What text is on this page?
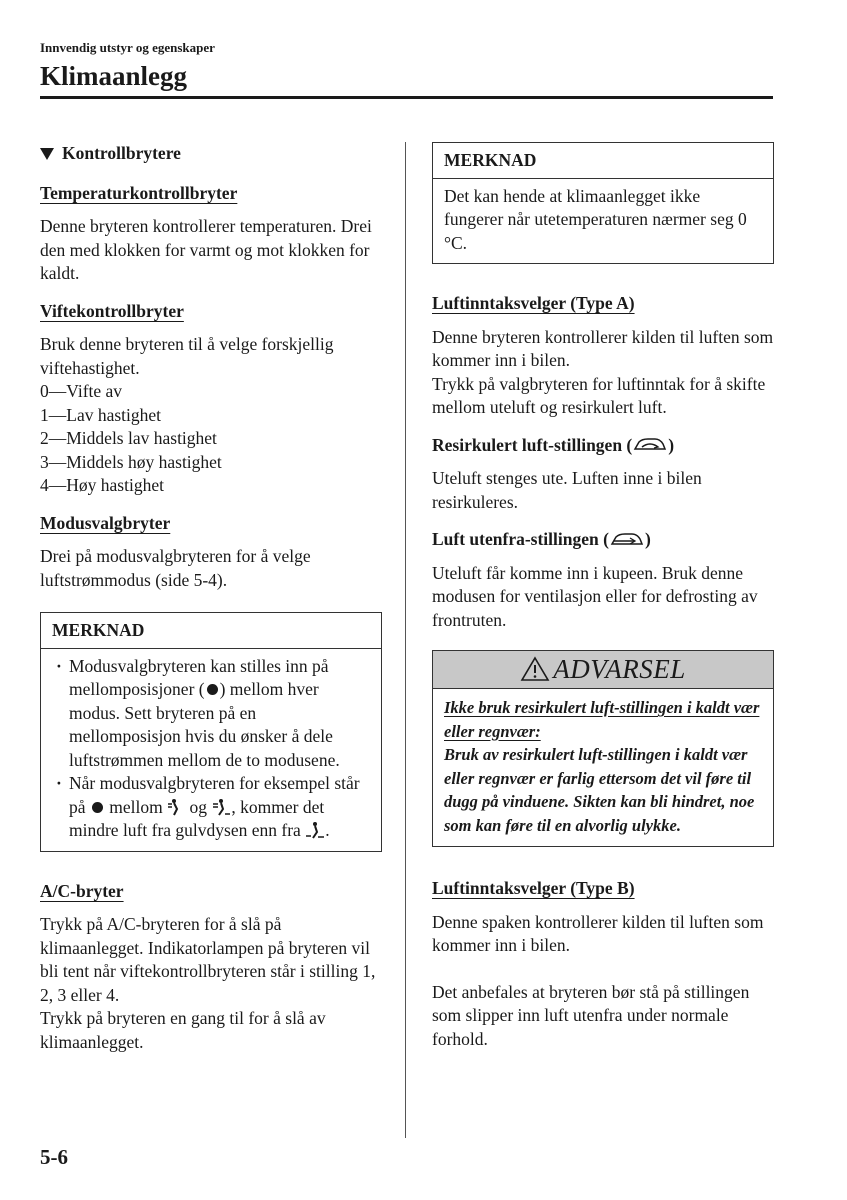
Innvendig utstyr og egenskaper
Klimaanlegg
Kontrollbrytere
Temperaturkontrollbryter

Denne bryteren kontrollerer temperaturen. Drei den med klokken for varmt og mot klokken for kaldt.

Viftekontrollbryter

Bruk denne bryteren til å velge forskjellig viftehastighet.

0—Vifte av
1—Lav hastighet
2—Middels lav hastighet
3—Middels høy hastighet
4—Høy hastighet
Modusvalgbryter

Drei på modusvalgbryteren for å velge luftstrømmodus (side 5-4).

MERKNAD
· Modusvalgbryteren kan stilles inn på mellomposisjoner ( ) mellom hver modus. Sett bryteren på en mellomposisjon hvis du ønsker å dele luftstrømmen mellom de to modusene.
· Når modusvalgbryteren for eksempel står på  mellom  og , kommer det mindre luft fra gulvdysen enn fra .
A/C-bryter

Trykk på A/C-bryteren for å slå på klimaanlegget. Indikatorlampen på bryteren vil bli tent når viftekontrollbryteren står i stilling 1, 2, 3 eller 4.

Trykk på bryteren en gang til for å slå av klimaanlegget.

MERKNAD
Det kan hende at klimaanlegget ikke fungerer når utetemperaturen nærmer seg 0 °C.
Luftinntaksvelger (Type A)

Denne bryteren kontrollerer kilden til luften som kommer inn i bilen.

Trykk på valgbryteren for luftinntak for å skifte mellom uteluft og resirkulert luft.

Resirkulert luft-stillingen ( )

Uteluft stenges ute. Luften inne i bilen resirkuleres.

Luft utenfra-stillingen ( )

Uteluft får komme inn i kupeen. Bruk denne modusen for ventilasjon eller for defrosting av frontruten.

ADVARSEL
Ikke bruk resirkulert luft-stillingen i kaldt vær eller regnvær:
Bruk av resirkulert luft-stillingen i kaldt vær eller regnvær er farlig ettersom det vil føre til dugg på vinduene. Sikten kan bli hindret, noe som kan føre til en alvorlig ulykke.
Luftinntaksvelger (Type B)

Denne spaken kontrollerer kilden til luften som kommer inn i bilen.

Det anbefales at bryteren bør stå på stillingen som slipper inn luft utenfra under normale forhold.

5-6
